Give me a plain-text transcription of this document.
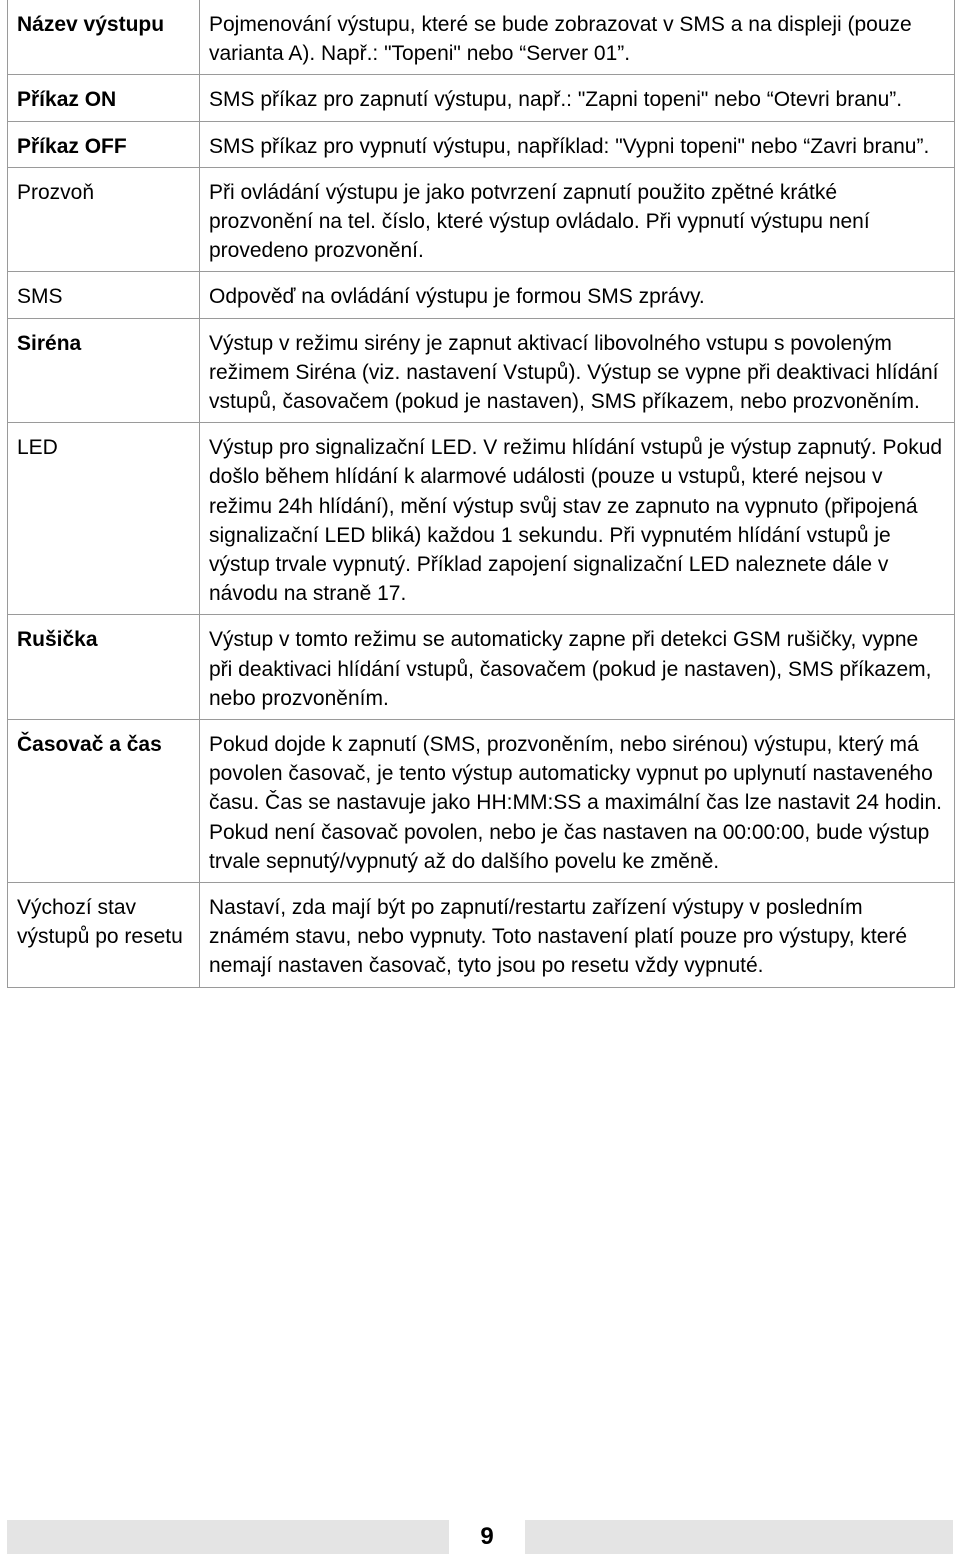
Název výstupu	Pojmenování výstupu, které se bude zobrazovat v SMS a na displeji (pouze varianta A). Např.: "Topeni" nebo “Server 01”.
Příkaz ON	SMS příkaz pro zapnutí výstupu, např.: "Zapni topeni" nebo “Otevri branu”.
Příkaz OFF	SMS příkaz pro vypnutí výstupu, například: "Vypni topeni" nebo “Zavri branu”.
Prozvoň	Při ovládání výstupu je jako potvrzení zapnutí použito zpětné krátké prozvonění na tel. číslo, které výstup ovládalo. Při vypnutí výstupu není provedeno prozvonění.
SMS	Odpověď na ovládání výstupu je formou SMS zprávy.
Siréna	Výstup v režimu sirény je zapnut aktivací libovolného vstupu s povoleným režimem Siréna (viz. nastavení Vstupů). Výstup se vypne při deaktivaci hlídání vstupů, časovačem (pokud je nastaven), SMS příkazem, nebo prozvoněním.
LED	Výstup pro signalizační LED. V režimu hlídání vstupů je výstup zapnutý. Pokud došlo během hlídání k alarmové události (pouze u vstupů, které nejsou v režimu 24h hlídání), mění výstup svůj stav ze zapnuto na vypnuto (připojená signalizační LED bliká) každou 1 sekundu. Při vypnutém hlídání vstupů je výstup trvale vypnutý. Příklad zapojení signalizační LED naleznete dále v návodu na straně 17.
Rušička	Výstup v tomto režimu se automaticky zapne při detekci GSM rušičky, vypne při deaktivaci hlídání vstupů, časovačem (pokud je nastaven), SMS příkazem, nebo prozvoněním.
Časovač a čas	Pokud dojde k zapnutí (SMS, prozvoněním, nebo sirénou) výstupu, který má povolen časovač, je tento výstup automaticky vypnut po uplynutí nastaveného času. Čas se nastavuje jako HH:MM:SS a maximální čas lze nastavit 24 hodin. Pokud není časovač povolen, nebo je čas nastaven na 00:00:00, bude výstup trvale sepnutý/vypnutý až do dalšího povelu ke změně.
Výchozí stav výstupů po resetu	Nastaví, zda mají být po zapnutí/restartu zařízení výstupy v posledním známém stavu, nebo vypnuty. Toto nastavení platí pouze pro výstupy, které nemají nastaven časovač, tyto jsou po resetu vždy vypnuté.
9
